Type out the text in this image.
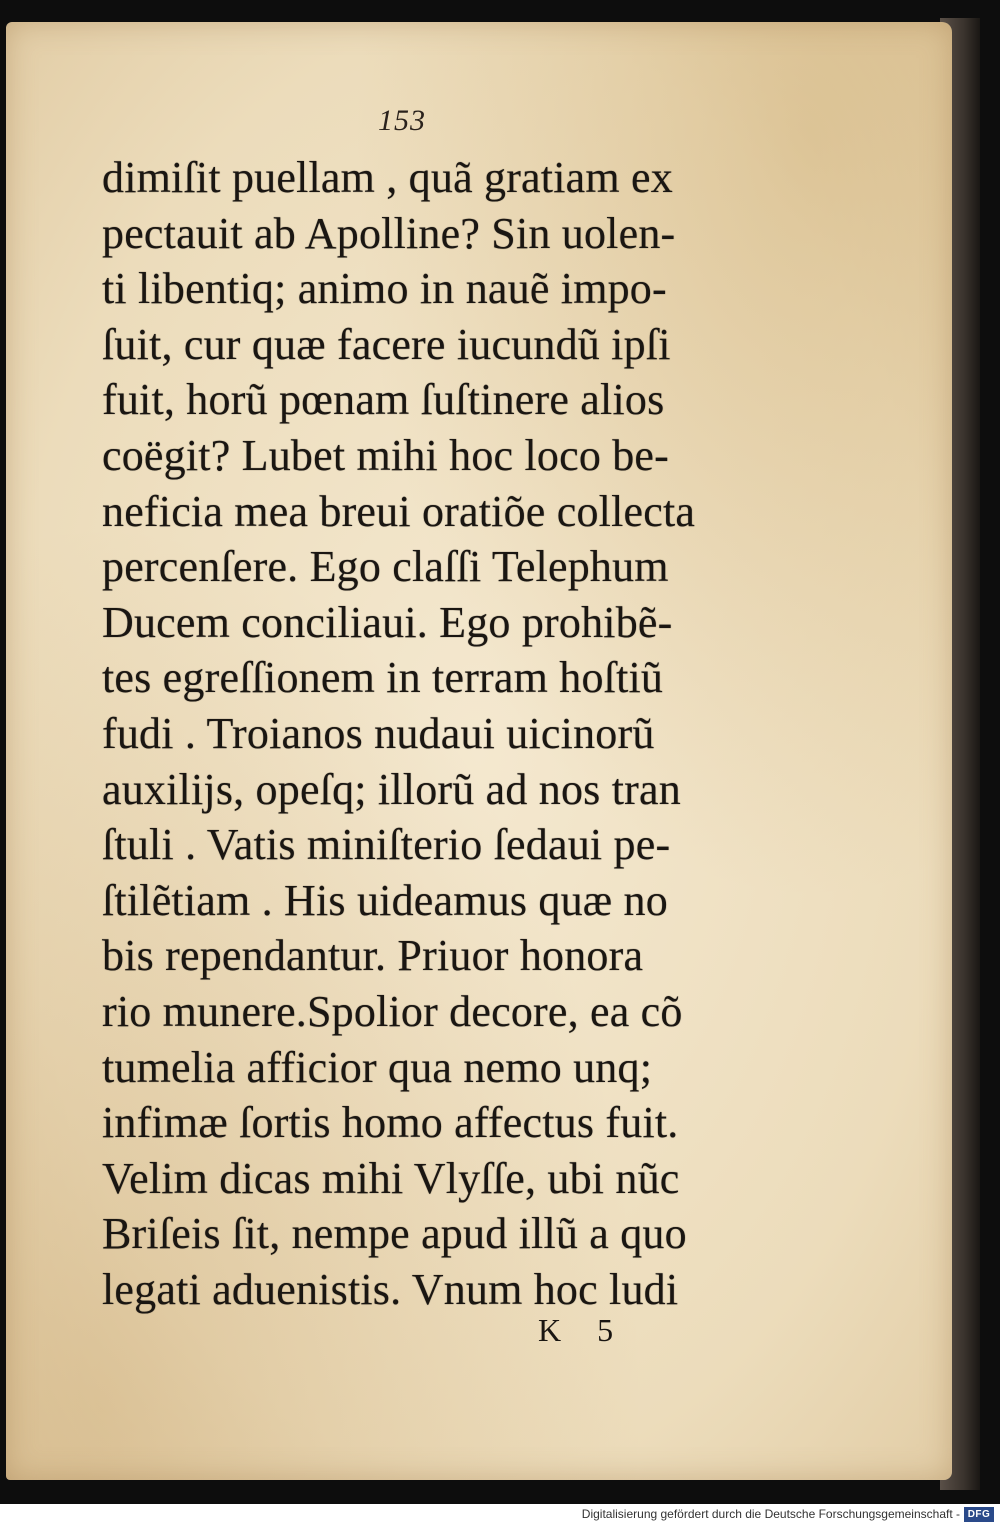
153
dimiſit puellam , quã gratiam ex
pectauit ab Apolline? Sin uolen-
ti libentiq; animo in nauẽ impo-
ſuit, cur quæ facere iucundũ ipſi
fuit, horũ pœnam ſuſtinere alios
coëgit? Lubet mihi hoc loco be-
neficia mea breui oratiõe collecta
percenſere. Ego claſſi Telephum
Ducem conciliaui. Ego prohibẽ-
tes egreſſionem in terram hoſtiũ
fudi . Troianos nudaui uicinorũ
auxilijs, opeſq; illorũ ad nos tran
ſtuli . Vatis miniſterio ſedaui pe-
ſtilẽtiam . His uideamus quæ no
bis rependantur. Priuor honora
rio munere.Spolior decore, ea cõ
tumelia afficior qua nemo unq;
infimæ ſortis homo affectus fuit.
Velim dicas mihi Vlyſſe, ubi nũc
Briſeis ſit, nempe apud illũ a quo
legati aduenistis. Vnum hoc ludi
K 5
Digitalisierung gefördert durch die Deutsche Forschungsgemeinschaft - DFG
